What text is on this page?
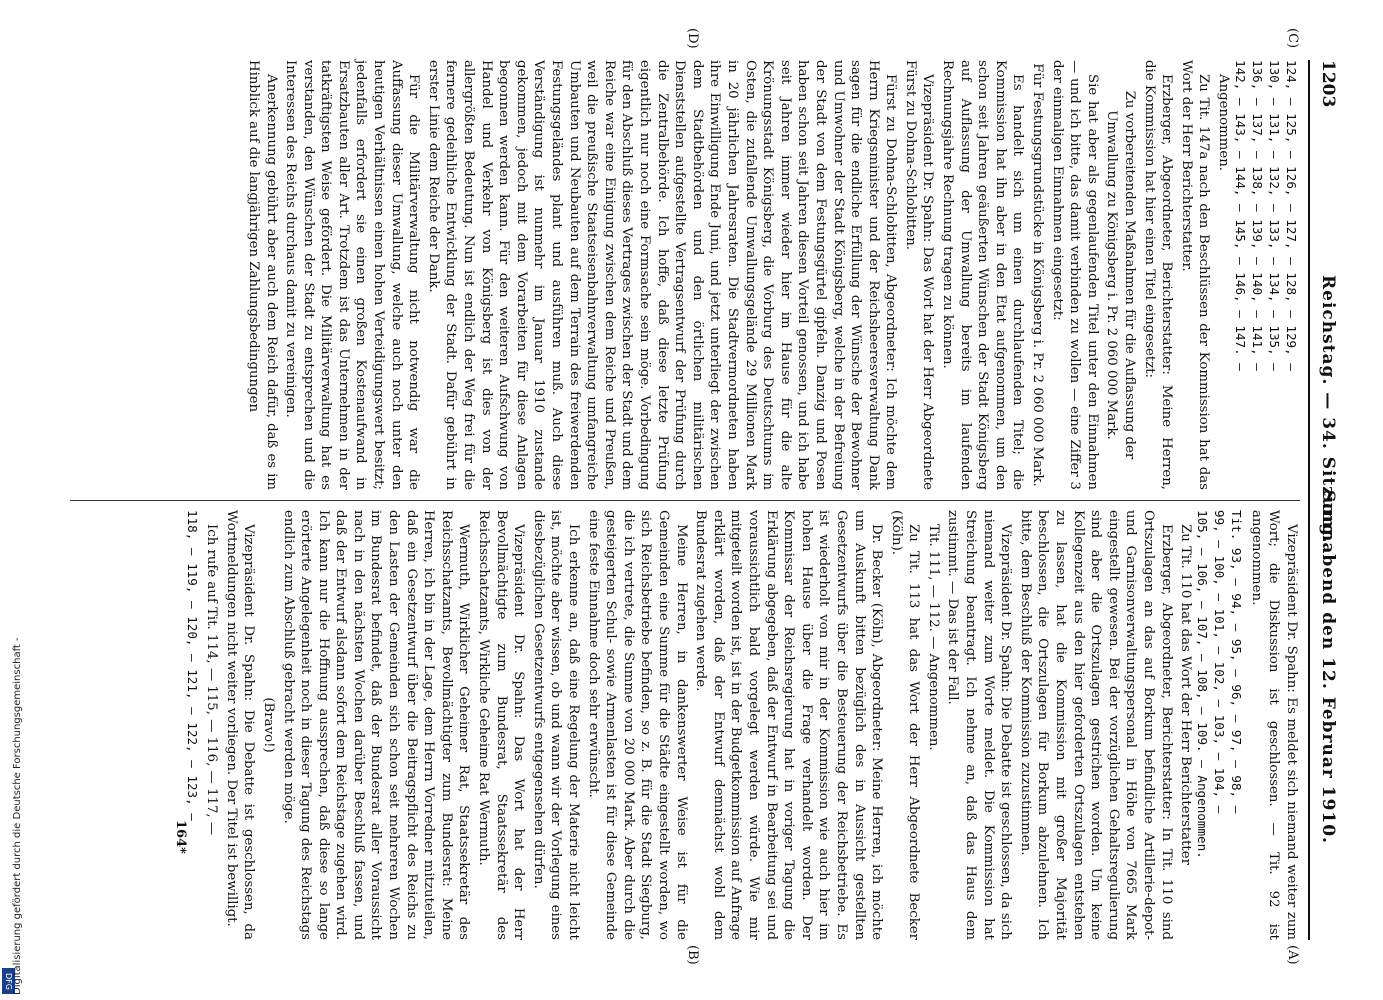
DFG Digitalisierung gefördert durch die Deutsche Forschungsgemeinschaft -
1203
Reichstag. — 34. Sitzung.
Sonnabend den 12. Februar 1910.
(C)
(D)
(A)
(B)

124, — 125, — 126, — 127, — 128, — 129, —

130, — 131, — 132, — 133, — 134, — 135, —

136, — 137, — 138, — 139, — 140, — 141, —

142, — 143, — 144, — 145, — 146, — 147. —

Angenommen.

Zu Tit. 147a nach den Beschlüssen der Kommission hat das Wort der Herr Berichterstatter.

Erzberger, Abgeordneter, Berichterstatter: Meine Herren, die Kommission hat hier einen Titel eingesetzt:

Zu vorbereitenden Maßnahmen für die Auflassung der Umwallung zu Königsberg i. Pr. 2 060 000 Mark.

Sie hat aber als gegenlaufenden Titel unter den Einnahmen — und ich bitte, das damit verbinden zu wollen — eine Ziffer 3 der einmaligen Einnahmen eingesetzt:

Für Festungsgrundstücke in Königsberg i. Pr. 2 060 000 Mark.

Es handelt sich um einen durchlaufenden Titel; die Kommission hat ihn aber in den Etat aufgenommen, um den schon seit Jahren geäußerten Wünschen der Stadt Königsberg auf Auflassung der Umwallung bereits im laufenden Rechnungsjahre Rechnung tragen zu können.

Vizepräsident Dr. Spahn: Das Wort hat der Herr Abgeordnete Fürst zu Dohna-Schlobitten.

Fürst zu Dohna-Schlobitten, Abgeordneter: Ich möchte dem Herrn Kriegsminister und der Reichsheeresverwaltung Dank sagen für die endliche Erfüllung der Wünsche der Bewohner und Umwohner der Stadt Königsberg, welche in der Befreiung der Stadt von dem Festungsgürtel gipfeln. Danzig und Posen haben schon seit Jahren diesen Vorteil genossen, und ich habe seit Jahren immer wieder hier im Hause für die alte Krönungsstadt Königsberg, die Vorburg des Deutschtums im Osten, die zufallende Umwallungsgelände 29 Millionen Mark in 20 jährlichen Jahresraten. Die Stadtvermordneten haben ihre Einwilligung Ende Juni, und jetzt unterliegt der zwischen dem Stadtbehörden und den örtlichen militärischen Dienststellen aufgestellte Vertragsentwurf der Prüfung durch die Zentralbehörde. Ich hoffe, daß diese letzte Prüfung eigentlich nur noch eine Formsache sein möge. Vorbedingung für den Abschluß dieses Vertrages zwischen der Stadt und dem Reiche war eine Einigung zwischen dem Reiche und Preußen, weil die preußische Staatseisenbahnverwaltung umfangreiche Umbauten und Neubauten auf dem Terrain des freiwerdenden Festungsgeländes plant und ausführen muß. Auch diese Verständigung ist nunmehr im Januar 1910 zustande gekommen, jedoch mit dem Vorarbeiten für diese Anlagen begonnen werden kann. Für den weiteren Aufschwung von Handel und Verkehr von Königsberg ist dies von der allergrößten Bedeutung. Nun ist endlich der Weg frei für die fernere gedeihliche Entwicklung der Stadt. Dafür gebührt in erster Linie dem Reiche der Dank.

Für die Militärverwaltung nicht notwendig war die Auffassung dieser Umwallung, welche auch noch unter den heutigen Verhältnissen einen hohen Verteidigungswert besitzt; jedenfalls erfordert sie einen großen Kostenaufwand in Ersatzbauten aller Art. Trotzdem ist das Unternehmen in der tatkräftigsten Weise gefördert. Die Militärverwaltung hat es verstanden, den Wünschen der Stadt zu entsprechen und die Interessen des Reichs durchaus damit zu vereinigen.

Anerkennung gebührt aber auch dem Reich dafür, daß es im Hinblick auf die langjährigen Zahlungsbedingungen

Vizepräsident Dr. Spahn: Es meldet sich niemand weiter zum Wort; die Diskussion ist geschlossen. — Tit. 92 ist angenommen.

Tit. 93, — 94, — 95, — 96, — 97, — 98, —

99, — 100, — 101, — 102, — 103, — 104, —

105, — 106, — 107, — 108, — 109. — Angenommen.

Zu Tit. 110 hat das Wort der Herr Berichterstatter

Erzberger, Abgeordneter, Berichterstatter: In Tit. 110 sind Ortszulagen an das auf Borkum befindliche Artillerie-depot- und Garnisonverwaltungspersonal in Höhe von 7665 Mark eingestellt gewesen. Bei der vorzüglichen Gehaltsregulierung sind aber die Ortszulagen gestrichen worden. Um keine Kollegenzeit aus den hier geforderten Ortszulagen entstehen zu lassen, hat die Kommission mit großer Majorität beschlossen, die Ortszulagen für Borkum abzulehnen. Ich bitte, dem Beschluß der Kommission zuzustimmen.

Vizepräsident Dr. Spahn: Die Debatte ist geschlossen, da sich niemand weiter zum Worte meldet. Die Kommission hat Streichung beantragt. Ich nehme an, daß das Haus dem zustimmt. — Das ist der Fall.

Tit. 111, — 112. — Angenommen.

Zu Tit. 113 hat das Wort der Herr Abgeordnete Becker (Köln).

Dr. Becker (Köln), Abgeordneter: Meine Herren, ich möchte um Auskunft bitten bezüglich des in Aussicht gestellten Gesetzentwurfs über die Besteuerung der Reichsbetriebe. Es ist wiederholt von mir in der Kommission wie auch hier im hohen Hause über die Frage verhandelt worden. Der Kommissar der Reichsregierung hat in voriger Tagung die Erklärung abgegeben, daß der Entwurf in Bearbeitung sei und voraussichtlich bald vorgelegt werden würde. Wie mir mitgeteilt worden ist, ist in der Budgetkommission auf Anfrage erklärt worden, daß der Entwurf demnächst wohl dem Bundesrat zugehen werde.

Meine Herren, in dankenswerter Weise ist für die Gemeinden eine Summe für die Städte eingestellt worden, wo sich Reichsbetriebe befinden, so z. B. für die Stadt Siegburg, die ich vertrete, die Summe von 20 000 Mark. Aber durch die gesteigerten Schul- sowie Armenlasten ist für diese Gemeinde eine feste Einnahme doch sehr erwünscht.

Ich erkenne an, daß eine Regelung der Materie nicht leicht ist, möchte aber wissen, ob und wann wir der Vorlegung eines diesbezüglichen Gesetzentwurfs entgegensehen dürfen.

Vizepräsident Dr. Spahn: Das Wort hat der Herr Bevollmächtigte zum Bundesrat, Staatssekretär des Reichsschatzamts, Wirkliche Geheime Rat Wermuth.

Wermuth, Wirklicher Geheimer Rat, Staatssekretär des Reichsschatzamts, Bevollmächtigter zum Bundesrat: Meine Herren, ich bin in der Lage, dem Herrn Vorredner mitzuteilen, daß ein Gesetzentwurf über die Beitragspflicht des Reichs zu den Lasten der Gemeinden sich schon seit mehreren Wochen im Bundesrat befindet, daß der Bundesrat aller Voraussicht nach in den nächsten Wochen darüber Beschluß fassen, und daß der Entwurf alsdann sofort dem Reichstage zugehen wird. Ich kann nur die Hoffnung aussprechen, daß diese so lange erörterte Angelegenheit noch in dieser Tagung des Reichstags endlich zum Abschluß gebracht werden möge.

(Bravo!)

Vizepräsident Dr. Spahn: Die Debatte ist geschlossen, da Wortmeldungen nicht weiter vorliegen. Der Titel ist bewilligt.

Ich rufe auf Tit. 114, — 115, — 116, — 117, —

118, — 119, — 120, — 121, — 122, — 123, —

164*
